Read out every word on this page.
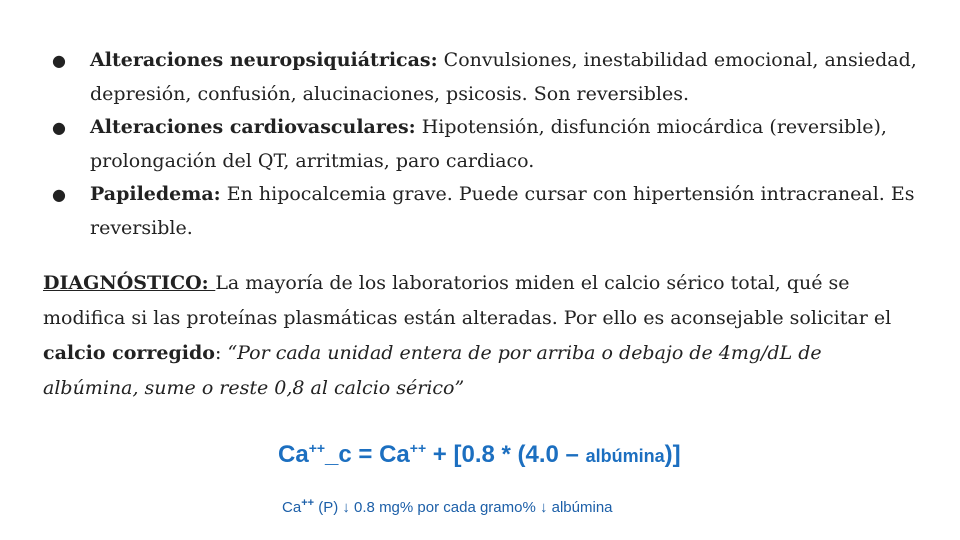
● Alteraciones neuropsiquiátricas: Convulsiones, inestabilidad emocional, ansiedad, depresión, confusión, alucinaciones, psicosis. Son reversibles.
● Alteraciones cardiovasculares: Hipotensión, disfunción miocárdica (reversible), prolongación del QT, arritmias, paro cardiaco.
● Papiledema: En hipocalcemia grave. Puede cursar con hipertensión intracraneal. Es reversible.

DIAGNÓSTICO: La mayoría de los laboratorios miden el calcio sérico total, qué se modifica si las proteínas plasmáticas están alteradas. Por ello es aconsejable solicitar el calcio corregido: “Por cada unidad entera de por arriba o debajo de 4mg/dL de albúmina, sume o reste 0,8 al calcio sérico”

Ca++_c = Ca++ + [0.8 * (4.0 – albúmina)]
Ca++ (P) ↓ 0.8 mg% por cada gramo% ↓ albúmina
